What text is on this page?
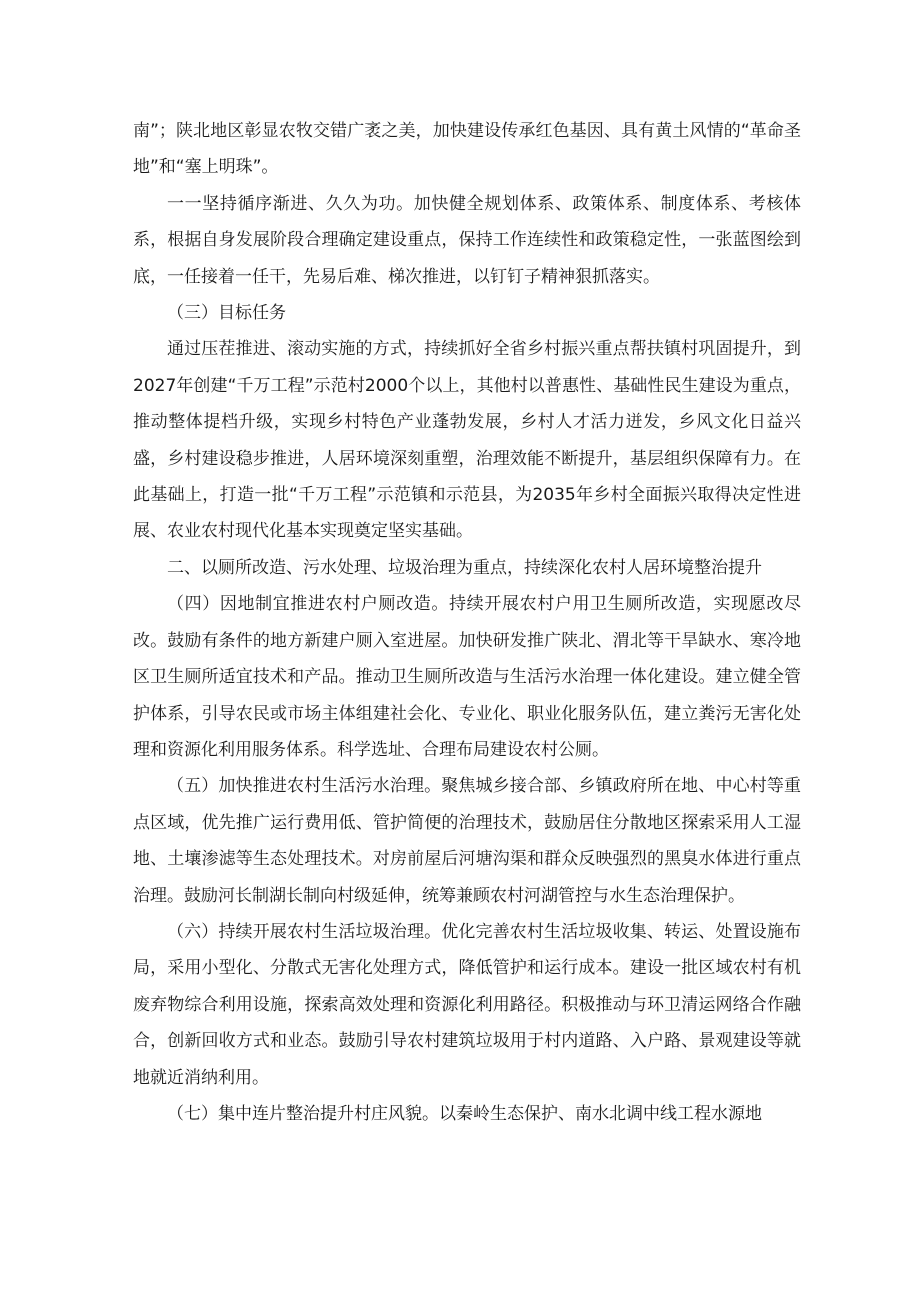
南”；陕北地区彰显农牧交错广袤之美，加快建设传承红色基因、具有黄土风情的“革命圣地”和“塞上明珠”。

一一坚持循序渐进、久久为功。加快健全规划体系、政策体系、制度体系、考核体系，根据自身发展阶段合理确定建设重点，保持工作连续性和政策稳定性，一张蓝图绘到底，一任接着一任干，先易后难、梯次推进，以钉钉子精神狠抓落实。

（三）目标任务

通过压茬推进、滚动实施的方式，持续抓好全省乡村振兴重点帮扶镇村巩固提升，到2027年创建“千万工程”示范村2000个以上，其他村以普惠性、基础性民生建设为重点，推动整体提档升级，实现乡村特色产业蓬勃发展，乡村人才活力迸发，乡风文化日益兴盛，乡村建设稳步推进，人居环境深刻重塑，治理效能不断提升，基层组织保障有力。在此基础上，打造一批“千万工程”示范镇和示范县，为2035年乡村全面振兴取得决定性进展、农业农村现代化基本实现奠定坚实基础。

二、以厕所改造、污水处理、垃圾治理为重点，持续深化农村人居环境整治提升

（四）因地制宜推进农村户厕改造。持续开展农村户用卫生厕所改造，实现愿改尽改。鼓励有条件的地方新建户厕入室进屋。加快研发推广陕北、渭北等干旱缺水、寒冷地区卫生厕所适宜技术和产品。推动卫生厕所改造与生活污水治理一体化建设。建立健全管护体系，引导农民或市场主体组建社会化、专业化、职业化服务队伍，建立粪污无害化处理和资源化利用服务体系。科学选址、合理布局建设农村公厕。

（五）加快推进农村生活污水治理。聚焦城乡接合部、乡镇政府所在地、中心村等重点区域，优先推广运行费用低、管护简便的治理技术，鼓励居住分散地区探索采用人工湿地、土壤渗滤等生态处理技术。对房前屋后河塘沟渠和群众反映强烈的黑臭水体进行重点治理。鼓励河长制湖长制向村级延伸，统筹兼顾农村河湖管控与水生态治理保护。

（六）持续开展农村生活垃圾治理。优化完善农村生活垃圾收集、转运、处置设施布局，采用小型化、分散式无害化处理方式，降低管护和运行成本。建设一批区域农村有机废弃物综合利用设施，探索高效处理和资源化利用路径。积极推动与环卫清运网络合作融合，创新回收方式和业态。鼓励引导农村建筑垃圾用于村内道路、入户路、景观建设等就地就近消纳利用。

（七）集中连片整治提升村庄风貌。以秦岭生态保护、南水北调中线工程水源地
